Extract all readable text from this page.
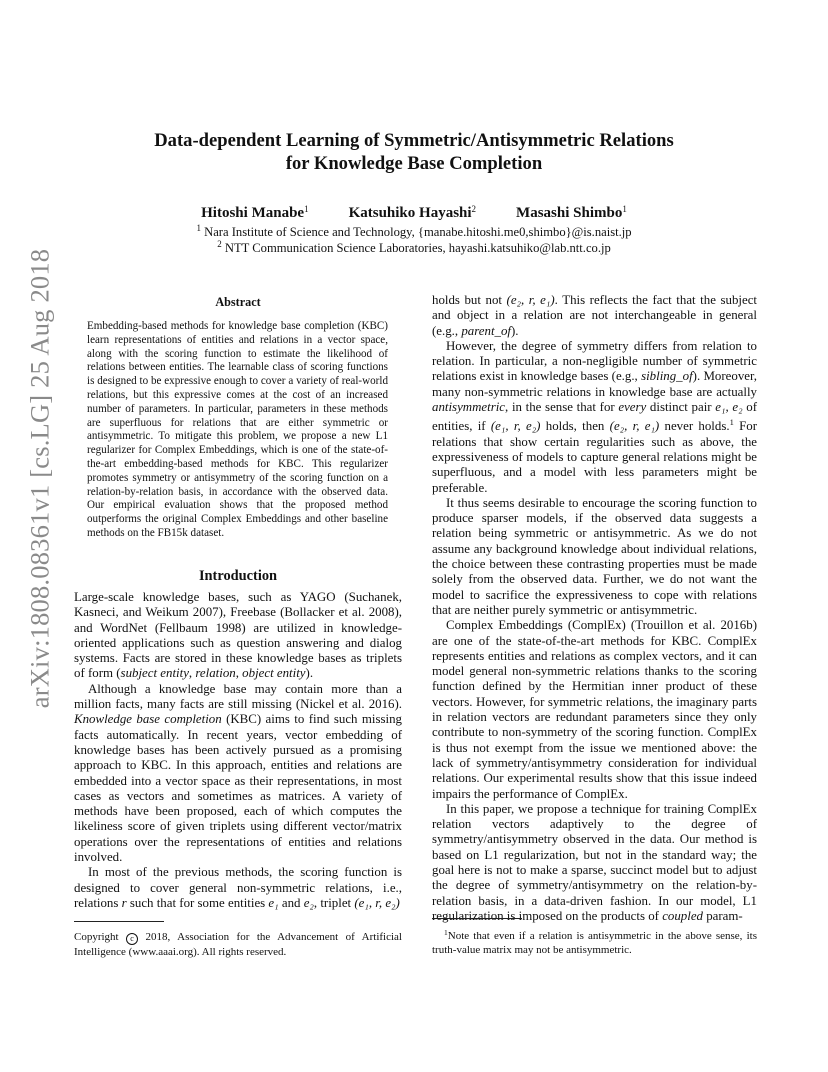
arXiv:1808.08361v1 [cs.LG] 25 Aug 2018
Data-dependent Learning of Symmetric/Antisymmetric Relations
for Knowledge Base Completion
Hitoshi Manabe$^1$	Katsuhiko Hayashi$^2$	Masashi Shimbo$^1$
$^1$ Nara Institute of Science and Technology, {manabe.hitoshi.me0,shimbo}@is.naist.jp
$^2$ NTT Communication Science Laboratories, hayashi.katsuhiko@lab.ntt.co.jp
Abstract
Embedding-based methods for knowledge base completion (KBC) learn representations of entities and relations in a vector space, along with the scoring function to estimate the likelihood of relations between entities. The learnable class of scoring functions is designed to be expressive enough to cover a variety of real-world relations, but this expressive comes at the cost of an increased number of parameters. In particular, parameters in these methods are superfluous for relations that are either symmetric or antisymmetric. To mitigate this problem, we propose a new L1 regularizer for Complex Embeddings, which is one of the state-of-the-art embedding-based methods for KBC. This regularizer promotes symmetry or antisymmetry of the scoring function on a relation-by-relation basis, in accordance with the observed data. Our empirical evaluation shows that the proposed method outperforms the original Complex Embeddings and other baseline methods on the FB15k dataset.
Introduction

Large-scale knowledge bases, such as YAGO (Suchanek, Kasneci, and Weikum 2007), Freebase (Bollacker et al. 2008), and WordNet (Fellbaum 1998) are utilized in knowledge-oriented applications such as question answering and dialog systems. Facts are stored in these knowledge bases as triplets of form (subject entity, relation, object entity).

Although a knowledge base may contain more than a million facts, many facts are still missing (Nickel et al. 2016). Knowledge base completion (KBC) aims to find such missing facts automatically. In recent years, vector embedding of knowledge bases has been actively pursued as a promising approach to KBC. In this approach, entities and relations are embedded into a vector space as their representations, in most cases as vectors and sometimes as matrices. A variety of methods have been proposed, each of which computes the likeliness score of given triplets using different vector/matrix operations over the representations of entities and relations involved.

In most of the previous methods, the scoring function is designed to cover general non-symmetric relations, i.e., relations r such that for some entities e₁ and e₂, triplet (e₁, r, e₂)

Copyright c 2018, Association for the Advancement of Artificial Intelligence (www.aaai.org). All rights reserved.

holds but not (e₂, r, e₁). This reflects the fact that the subject and object in a relation are not interchangeable in general (e.g., parent_of).

However, the degree of symmetry differs from relation to relation. In particular, a non-negligible number of symmetric relations exist in knowledge bases (e.g., sibling_of). Moreover, many non-symmetric relations in knowledge base are actually antisymmetric, in the sense that for every distinct pair e₁, e₂ of entities, if (e₁, r, e₂) holds, then (e₂, r, e₁) never holds.$^1$ For relations that show certain regularities such as above, the expressiveness of models to capture general relations might be superfluous, and a model with less parameters might be preferable.

It thus seems desirable to encourage the scoring function to produce sparser models, if the observed data suggests a relation being symmetric or antisymmetric. As we do not assume any background knowledge about individual relations, the choice between these contrasting properties must be made solely from the observed data. Further, we do not want the model to sacrifice the expressiveness to cope with relations that are neither purely symmetric or antisymmetric.

Complex Embeddings (ComplEx) (Trouillon et al. 2016b) are one of the state-of-the-art methods for KBC. ComplEx represents entities and relations as complex vectors, and it can model general non-symmetric relations thanks to the scoring function defined by the Hermitian inner product of these vectors. However, for symmetric relations, the imaginary parts in relation vectors are redundant parameters since they only contribute to non-symmetry of the scoring function. ComplEx is thus not exempt from the issue we mentioned above: the lack of symmetry/antisymmetry consideration for individual relations. Our experimental results show that this issue indeed impairs the performance of ComplEx.

In this paper, we propose a technique for training ComplEx relation vectors adaptively to the degree of symmetry/antisymmetry observed in the data. Our method is based on L1 regularization, but not in the standard way; the goal here is not to make a sparse, succinct model but to adjust the degree of symmetry/antisymmetry on the relation-by-relation basis, in a data-driven fashion. In our model, L1 regularization is imposed on the products of coupled param-

$^1$Note that even if a relation is antisymmetric in the above sense, its truth-value matrix may not be antisymmetric.
